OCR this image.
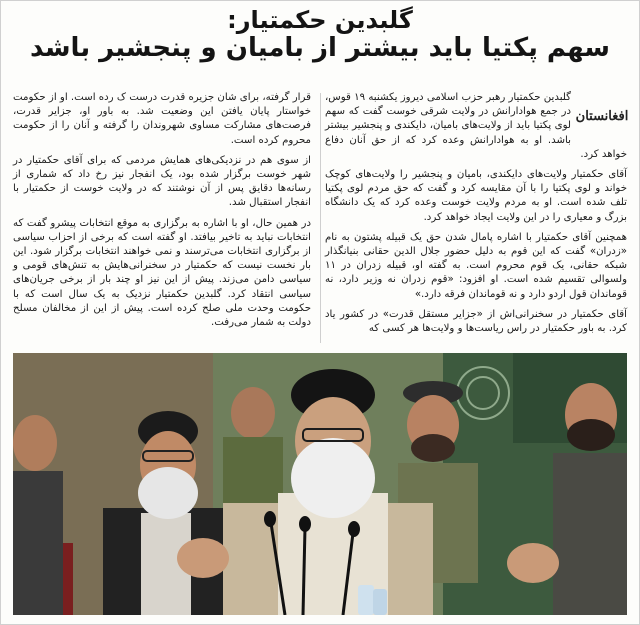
گلبدین حکمتیار:
سهم پکتیا باید بیشتر از بامیان و پنجشیر باشد

افغانستان
گلبدین حکمتیار رهبر حزب اسلامی دیروز یکشنبه ۱۹ قوس، در جمع هوادارانش در ولایت شرقی خوست گفت که سهم لوی پکتیا باید از ولایت‌های بامیان، دایکندی و پنجشیر بیشتر باشد. او به هوادارانش وعده کرد که از حق آنان دفاع خواهد کرد.

آقای حکمتیار ولایت‌های دایکندی، بامیان و پنجشیر را ولایت‌های کوچک خواند و لوی پکتیا را با آن مقایسه کرد و گفت که حق مردم لوی پکتیا تلف شده است. او به مردم ولایت خوست وعده کرد که یک دانشگاه بزرگ و معیاری را در این ولایت ایجاد خواهد کرد.

همچنین آقای حکمتیار با اشاره پامال شدن حق یک قبیله پشتون به نام «زدران» گفت که این قوم به دلیل حضور جلال الدین حقانی بنیانگذار شبکه حقانی، یک قوم محروم است. به گفته او، قبیله زدران در ۱۱ ولسوالی تقسیم شده است. او افزود: «قوم زدران نه وزیر دارد، نه قوماندان قول اردو دارد و نه قوماندان فرقه دارد.»

آقای حکمتیار در سخنرانی‌اش از «جزایر مستقل قدرت» در کشور یاد کرد. به باور حکمتیار در راس ریاست‌ها و ولایت‌ها هر کسی که

قرار گرفته، برای شان جزیره قدرت درست ک رده است. او از حکومت خواستار پایان یافتن این وضعیت شد. به باور او، جزایر قدرت، فرصت‌های مشارکت مساوی شهروندان را گرفته و آنان را از حکومت محروم کرده است.

از سوی هم در نزدیکی‌های همایش مردمی که برای آقای حکمتیار در شهر خوست برگزار شده بود، یک انفجار نیز رخ داد که شماری از رسانه‌ها دقایق پس از آن نوشتند که در ولایت خوست از حکمتیار با انفجار استقبال شد.

در همین حال، او با اشاره به برگزاری به موقع انتخابات پیشرو گفت که انتخابات نباید به تاخیر بیافتد. او گفته است که برخی از احزاب سیاسی از برگزاری انتخابات می‌ترسند و نمی خواهند انتخابات برگزار شود. این بار نخست نیست که حکمتیار در سخنرانی‌هایش به تنش‌های قومی و سیاسی دامن می‌زند. پیش از این نیز او چند بار از برخی جریان‌های سیاسی انتقاد کرد. گلبدین حکمتیار نزدیک به یک سال است که با حکومت وحدت ملی صلح کرده است. پیش از این از مخالفان مسلح دولت به شمار می‌رفت.
